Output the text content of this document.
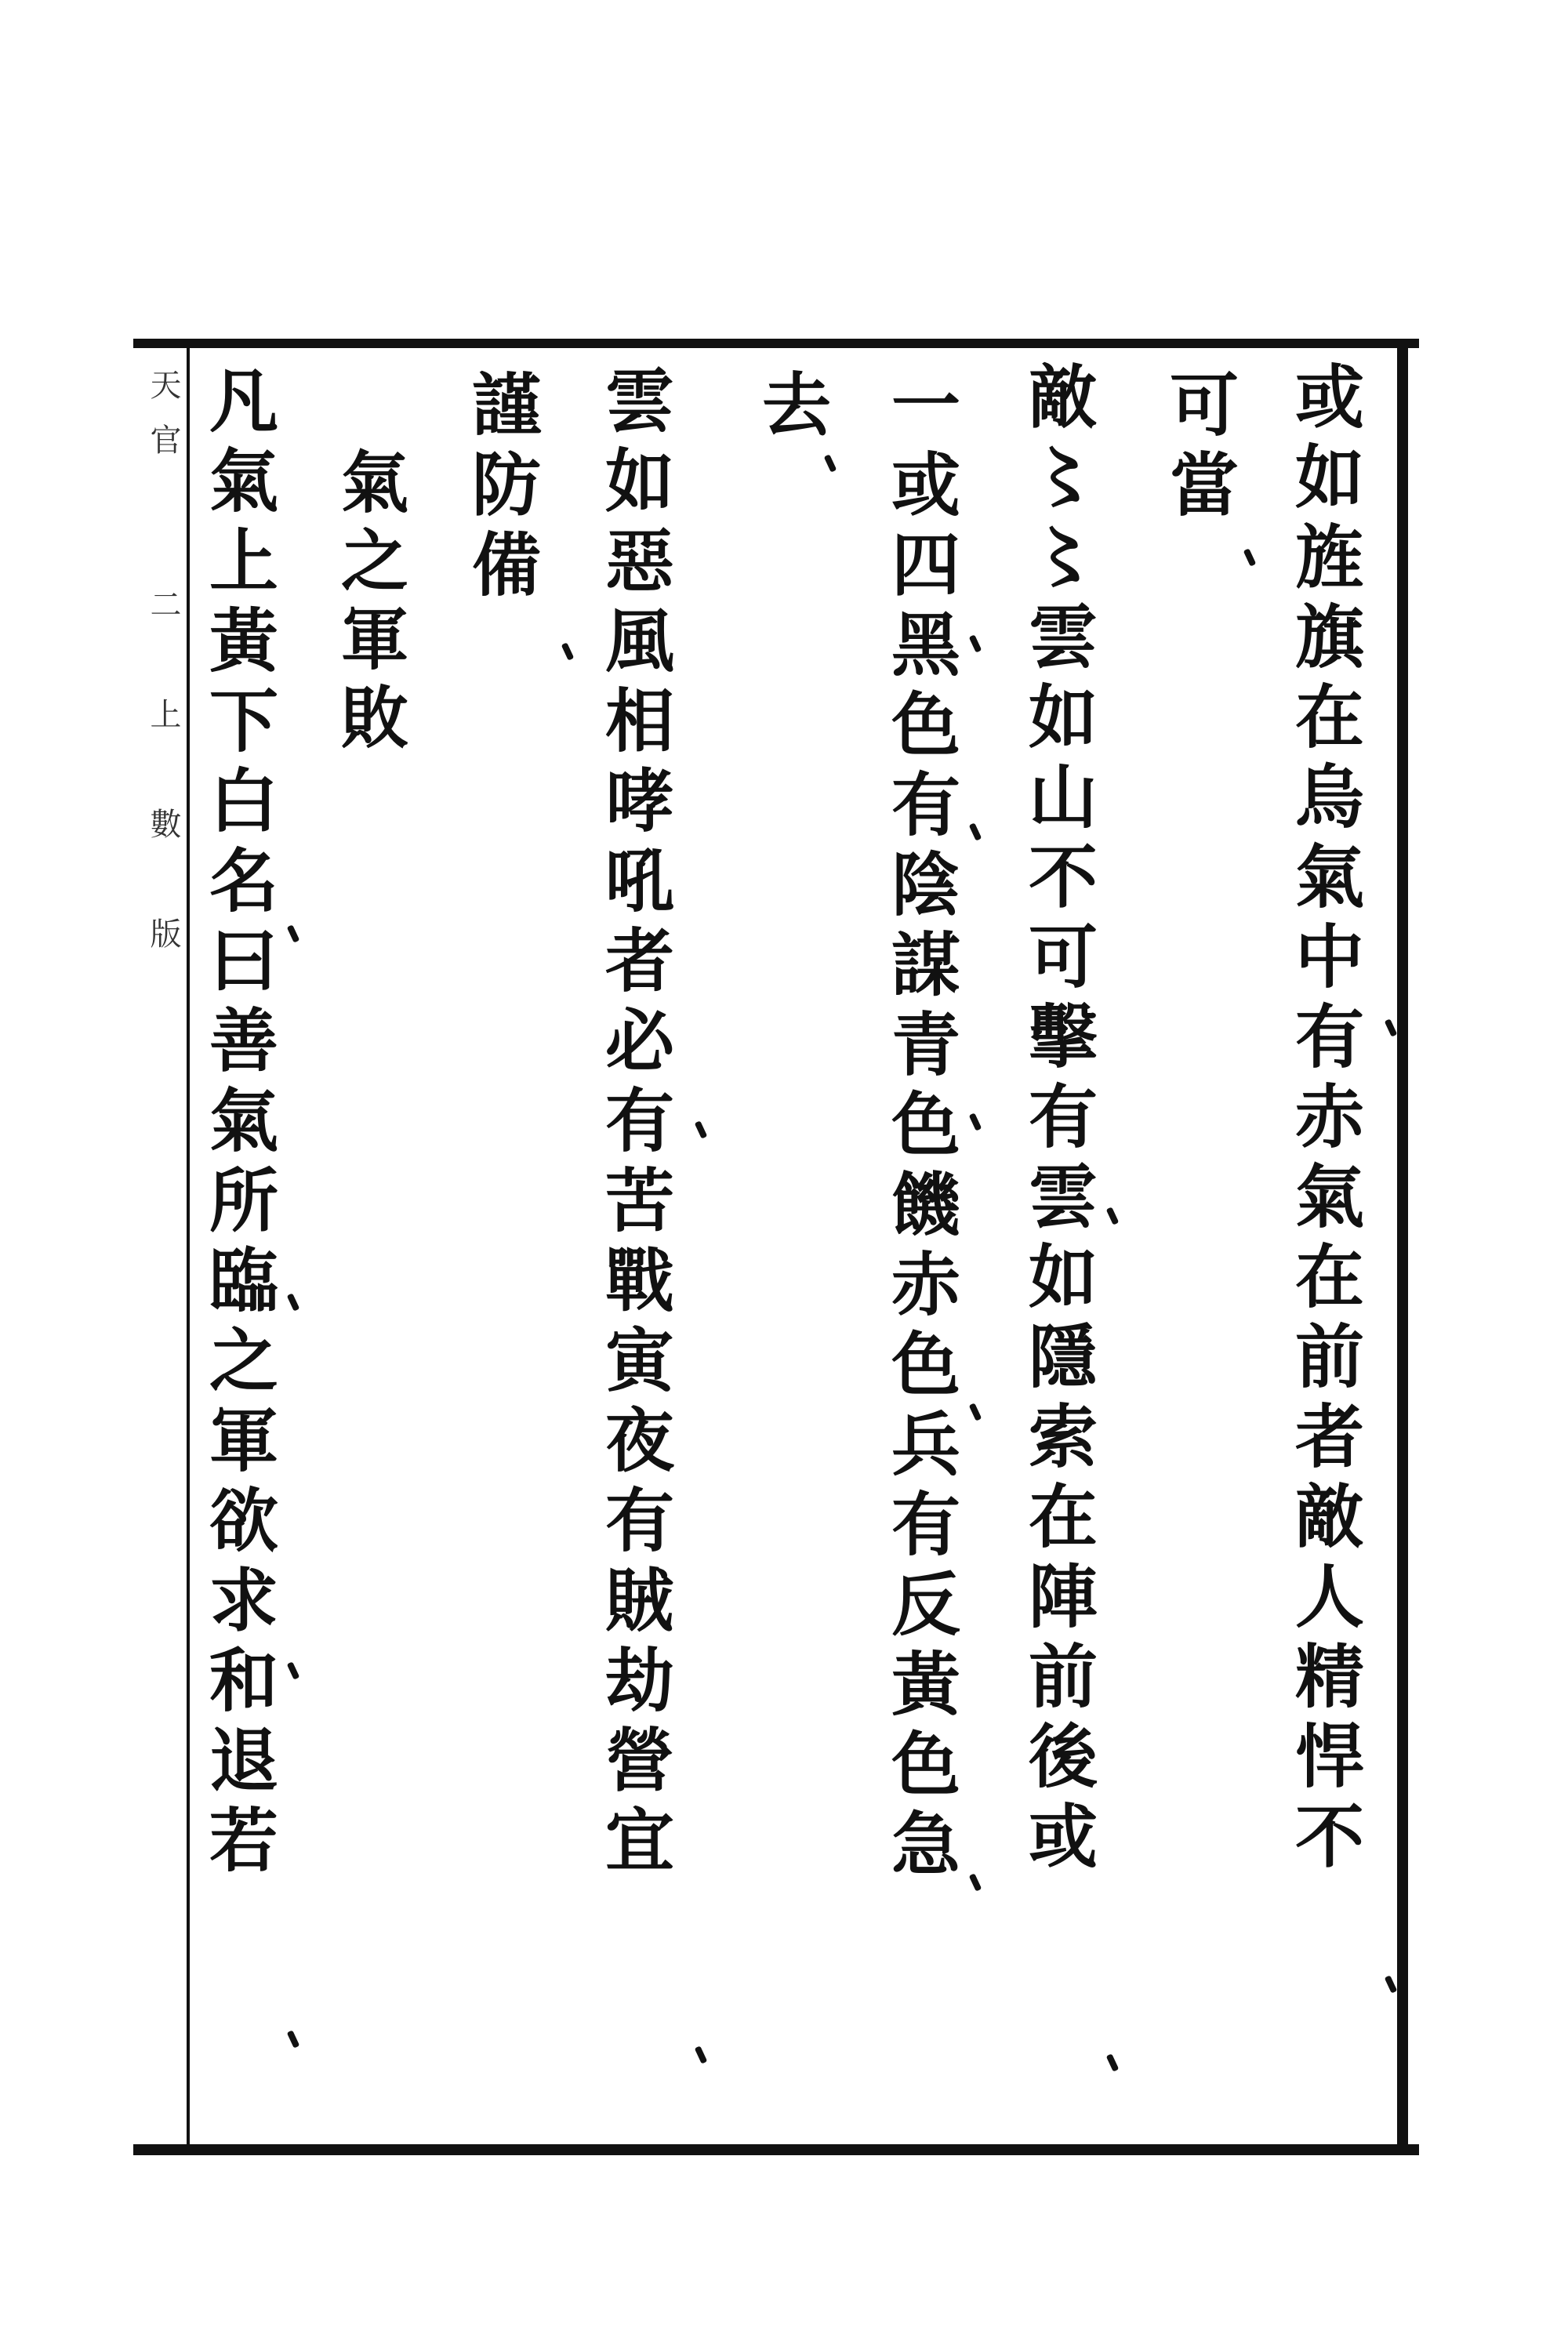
天官　　二　上　數　版	或如旌旗在烏氣中有赤氣在前者敵人精悍不
可當
敵〻〻雲如山不可擊有雲如隱索在陣前後或
一或四黑色有陰謀青色饑赤色兵有反黃色急
去
雲如惡風相哮吼者必有苦戰寅夜有賊劫營宜
謹防備
氣之軍敗
凡氣上黃下白名曰善氣所臨之軍欲求和退若
